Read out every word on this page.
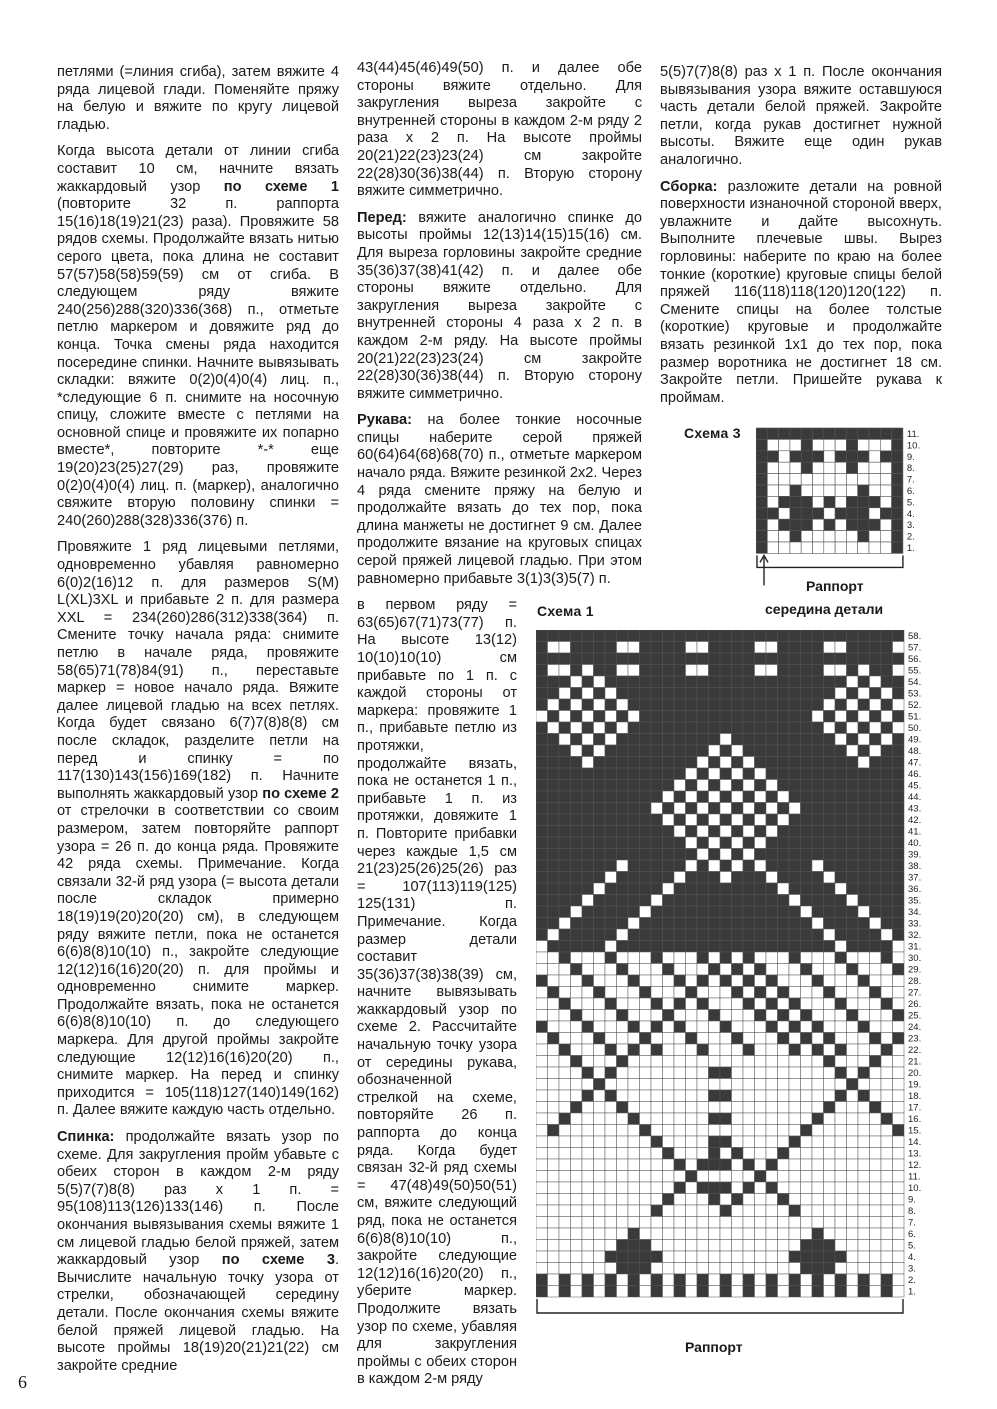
петлями (=линия сгиба), затем вяжите 4 ряда лицевой глади. Поменяйте пряжу на белую и вяжите по кругу лицевой гладью.

Когда высота детали от линии сгиба составит 10 см, начните вязать жаккардовый узор по схеме 1 (повторите 32 п. раппорта 15(16)18(19)21(23) раза). Провяжите 58 рядов схемы. Продолжайте вязать нитью серого цвета, пока длина не составит 57(57)58(58)59(59) см от сгиба. В следующем ряду вяжите 240(256)288(320)336(368) п., отметьте петлю маркером и довяжите ряд до конца. Точка смены ряда находится посередине спинки. Начните вывязывать складки: вяжите 0(2)0(4)0(4) лиц. п., *следующие 6 п. снимите на носочную спицу, сложите вместе с петлями на основной спице и провяжите их попарно вместе*, повторите *-* еще 19(20)23(25)27(29) раз, провяжите 0(2)0(4)0(4) лиц. п. (маркер), аналогично свяжите вторую половину спинки = 240(260)288(328)336(376) п.

Провяжите 1 ряд лицевыми петлями, одновременно убавляя равномерно 6(0)2(16)12 п. для размеров S(M) L(XL)3XL и прибавьте 2 п. для размера XXL = 234(260)286(312)338(364) п. Смените точку начала ряда: снимите петлю в начале ряда, провяжите 58(65)71(78)84(91) п., переставьте маркер = новое начало ряда. Вяжите далее лицевой гладью на всех петлях. Когда будет связано 6(7)7(8)8(8) см после складок, разделите петли на перед и спинку = по 117(130)143(156)169(182) п. Начните выполнять жаккардовый узор по схеме 2 от стрелочки в соответствии со своим размером, затем повторяйте раппорт узора = 26 п. до конца ряда. Провяжите 42 ряда схемы. Примечание. Когда связали 32-й ряд узора (= высота детали после складок примерно 18(19)19(20)20(20) см), в следующем ряду вяжите петли, пока не останется 6(6)8(8)10(10) п., закройте следующие 12(12)16(16)20(20) п. для проймы и одновременно снимите маркер. Продолжайте вязать, пока не останется 6(6)8(8)10(10) п. до следующего маркера. Для другой проймы закройте следующие 12(12)16(16)20(20) п., снимите маркер. На перед и спинку приходится = 105(118)127(140)149(162) п. Далее вяжите каждую часть отдельно.

Спинка: продолжайте вязать узор по схеме. Для закругления пройм убавьте с обеих сторон в каждом 2-м ряду 5(5)7(7)8(8) раз х 1 п. = 95(108)113(126)133(146) п. После окончания вывязывания схемы вяжите 1 см лицевой гладью белой пряжей, затем жаккардовый узор по схеме 3. Вычислите начальную точку узора от стрелки, обозначающей середину детали. После окончания схемы вяжите белой пряжей лицевой гладью. На высоте проймы 18(19)20(21)21(22) см закройте средние

43(44)45(46)49(50) п. и далее обе стороны вяжите отдельно. Для закругления выреза закройте с внутренней стороны в каждом 2-м ряду 2 раза х 2 п. На высоте проймы 20(21)22(23)23(24) см закройте 22(28)30(36)38(44) п. Вторую сторону вяжите симметрично.

Перед: вяжите аналогично спинке до высоты проймы 12(13)14(15)15(16) см. Для выреза горловины закройте средние 35(36)37(38)41(42) п. и далее обе стороны вяжите отдельно. Для закругления выреза закройте с внутренней стороны 4 раза х 2 п. в каждом 2-м ряду. На высоте проймы 20(21)22(23)23(24) см закройте 22(28)30(36)38(44) п. Вторую сторону вяжите симметрично.

Рукава: на более тонкие носочные спицы наберите серой пряжей 60(64)64(68)68(70) п., отметьте маркером начало ряда. Вяжите резинкой 2х2. Через 4 ряда смените пряжу на белую и продолжайте вязать до тех пор, пока длина манжеты не достигнет 9 см. Далее продолжите вязание на круговых спицах серой пряжей лицевой гладью. При этом равномерно прибавьте 3(1)3(3)5(7) п.

в первом ряду = 63(65)67(71)73(77) п. На высоте 13(12) 10(10)10(10) см прибавьте по 1 п. с каждой стороны от маркера: провяжите 1 п., прибавьте петлю из протяжки, продолжайте вязать, пока не останется 1 п., прибавьте 1 п. из протяжки, довяжите 1 п. Повторите прибавки через каждые 1,5 см 21(23)25(26)25(26) раз = 107(113)119(125) 125(131) п. Примечание. Когда размер детали составит 35(36)37(38)38(39) см, начните вывязывать жаккардовый узор по схеме 2. Рассчитайте начальную точку узора от середины рукава, обозначенной стрелкой на схеме, повторяйте 26 п. раппорта до конца ряда. Когда будет связан 32-й ряд схемы = 47(48)49(50)50(51) см, вяжите следующий ряд, пока не останется 6(6)8(8)10(10) п., закройте следующие 12(12)16(16)20(20) п., уберите маркер. Продолжите вязать узор по схеме, убавляя для закругления проймы с обеих сторон в каждом 2-м ряду

5(5)7(7)8(8) раз х 1 п. После окончания вывязывания узора вяжите оставшуюся часть детали белой пряжей. Закройте петли, когда рукав достигнет нужной высоты. Вяжите еще один рукав аналогично.

Сборка: разложите детали на ровной поверхности изнаночной стороной вверх, увлажните и дайте высохнуть. Выполните плечевые швы. Вырез горловины: наберите по краю на более тонкие (короткие) круговые спицы белой пряжей 116(118)118(120)120(122) п. Смените спицы на более толстые (короткие) круговые и продолжайте вязать резинкой 1х1 до тех пор, пока размер воротника не достигнет 18 см. Закройте петли. Пришейте рукава к проймам.

Схема 3	11.
10.
9.
8.
7.
6.
5.
4.
3.
2.
1.
Раппорт
середина детали
Схема 1
58.
57.
56.
55.
54.
53.
52.
51.
50.
49.
48.
47.
46.
45.
44.
43.
42.
41.
40.
39.
38.
37.
36.
35.
34.
33.
32.
31.
30.
29.
28.
27.
26.
25.
24.
23.
22.
21.
20.
19.
18.
17.
16.
15.
14.
13.
12.
11.
10.
9.
8.
7.
6.
5.
4.
3.
2.
1.
Раппорт
6
